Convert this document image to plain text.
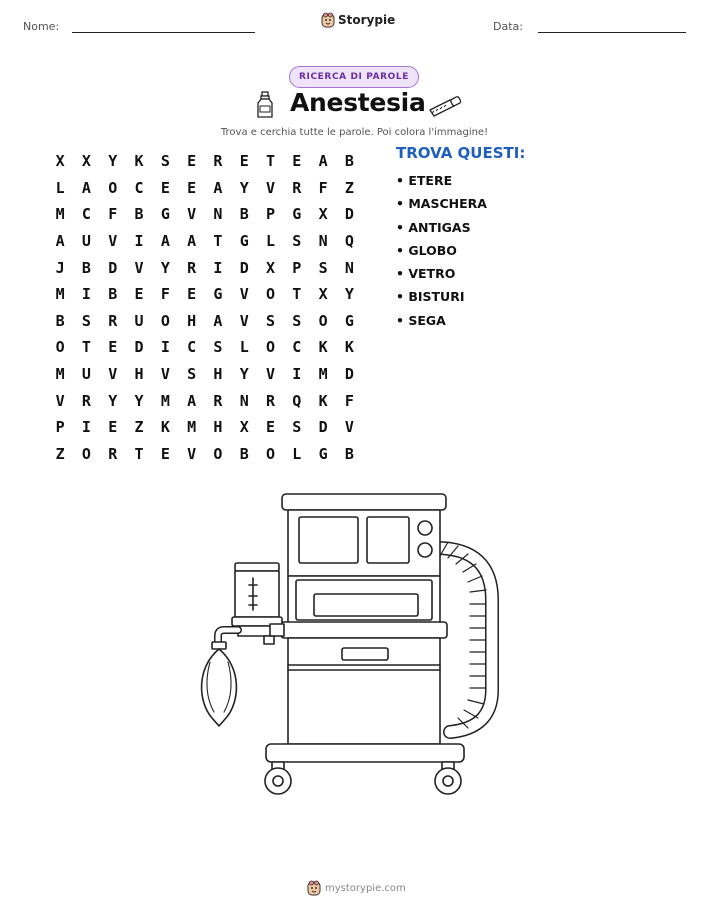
Nome:	Storypie	Data:
RICERCA DI PAROLE
Anestesia
Trova e cerchia tutte le parole. Poi colora l'immagine!
X	X	Y	K	S	E	R	E	T	E	A	B
L	A	O	C	E	E	A	Y	V	R	F	Z
M	C	F	B	G	V	N	B	P	G	X	D
A	U	V	I	A	A	T	G	L	S	N	Q
J	B	D	V	Y	R	I	D	X	P	S	N
M	I	B	E	F	E	G	V	O	T	X	Y
B	S	R	U	O	H	A	V	S	S	O	G
O	T	E	D	I	C	S	L	O	C	K	K
M	U	V	H	V	S	H	Y	V	I	M	D
V	R	Y	Y	M	A	R	N	R	Q	K	F
P	I	E	Z	K	M	H	X	E	S	D	V
Z	O	R	T	E	V	O	B	O	L	G	B
TROVA QUESTI:
• ETERE
• MASCHERA
• ANTIGAS
• GLOBO
• VETRO
• BISTURI
• SEGA
mystorypie.com
